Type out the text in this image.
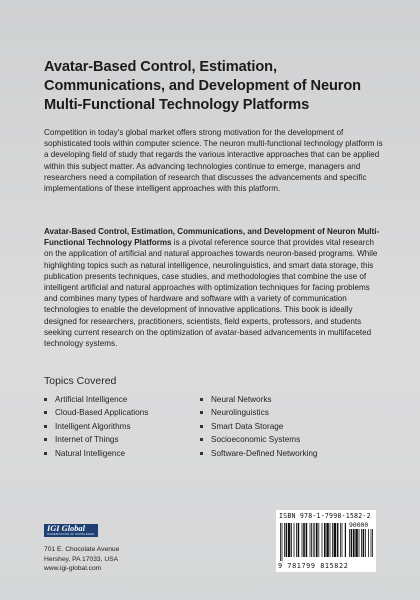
Avatar-Based Control, Estimation, Communications, and Development of Neuron Multi-Functional Technology Platforms

Competition in today's global market offers strong motivation for the development of sophisticated tools within computer science. The neuron multi-functional technology platform is a developing field of study that regards the various interactive approaches that can be applied within this subject matter. As advancing technologies continue to emerge, managers and researchers need a compilation of research that discusses the advancements and specific implementations of these intelligent approaches with this platform.

Avatar-Based Control, Estimation, Communications, and Development of Neuron Multi-Functional Technology Platforms is a pivotal reference source that provides vital research on the application of artificial and natural approaches towards neuron-based programs. While highlighting topics such as natural intelligence, neurolinguistics, and smart data storage, this publication presents techniques, case studies, and methodologies that combine the use of intelligent artificial and natural approaches with optimization techniques for facing problems and combines many types of hardware and software with a variety of communication technologies to enable the development of innovative applications. This book is ideally designed for researchers, practitioners, scientists, field experts, professors, and students seeking current research on the optimization of avatar-based advancements in multifaceted technology systems.

Topics Covered
Artificial Intelligence
Cloud-Based Applications
Intelligent Algorithms
Internet of Things
Natural Intelligence
Neural Networks
Neurolinguistics
Smart Data Storage
Socioeconomic Systems
Software-Defined Networking
IGI Global
DISSEMINATOR OF KNOWLEDGE

701 E. Chocolate Avenue
Hershey, PA 17033, USA
www.igi-global.com

ISBN 978-1-7998-1582-2
90000
9 781799 815822
